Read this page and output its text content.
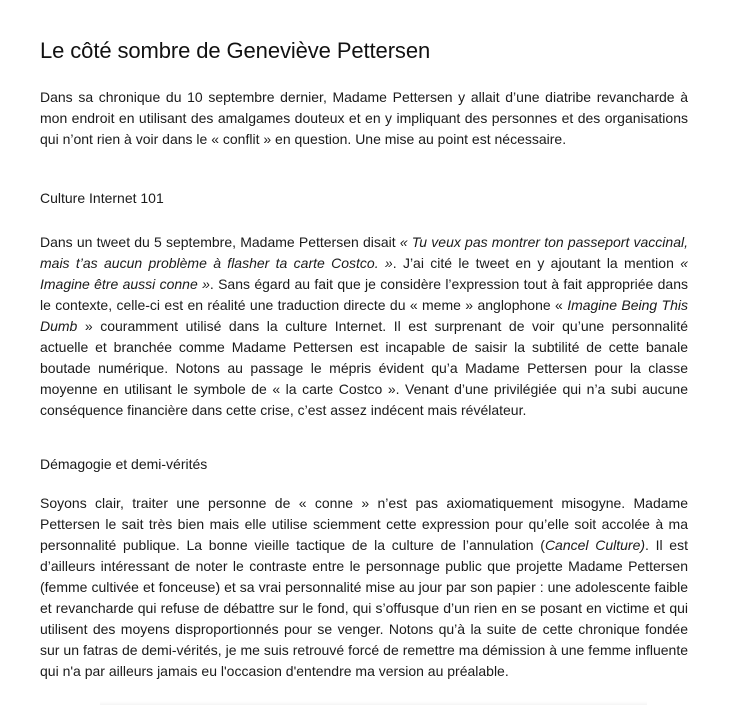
Le côté sombre de Geneviève Pettersen

Dans sa chronique du 10 septembre dernier, Madame Pettersen y allait d’une diatribe revancharde à mon endroit en utilisant des amalgames douteux et en y impliquant des personnes et des organisations qui n’ont rien à voir dans le « conflit » en question. Une mise au point est nécessaire.

Culture Internet 101

Dans un tweet du 5 septembre, Madame Pettersen disait « Tu veux pas montrer ton passeport vaccinal, mais t’as aucun problème à flasher ta carte Costco. ». J’ai cité le tweet en y ajoutant la mention « Imagine être aussi conne ». Sans égard au fait que je considère l’expression tout à fait appropriée dans le contexte, celle-ci est en réalité une traduction directe du « meme » anglophone « Imagine Being This Dumb » couramment utilisé dans la culture Internet. Il est surprenant de voir qu’une personnalité actuelle et branchée comme Madame Pettersen est incapable de saisir la subtilité de cette banale boutade numérique. Notons au passage le mépris évident qu’a Madame Pettersen pour la classe moyenne en utilisant le symbole de « la carte Costco ». Venant d’une privilégiée qui n’a subi aucune conséquence financière dans cette crise, c’est assez indécent mais révélateur.

Démagogie et demi-vérités

Soyons clair, traiter une personne de « conne » n’est pas axiomatiquement misogyne. Madame Pettersen le sait très bien mais elle utilise sciemment cette expression pour qu’elle soit accolée à ma personnalité publique. La bonne vieille tactique de la culture de l’annulation (Cancel Culture). Il est d’ailleurs intéressant de noter le contraste entre le personnage public que projette Madame Pettersen (femme cultivée et fonceuse) et sa vrai personnalité mise au jour par son papier : une adolescente faible et revancharde qui refuse de débattre sur le fond, qui s’offusque d’un rien en se posant en victime et qui utilisent des moyens disproportionnés pour se venger. Notons qu’à la suite de cette chronique fondée sur un fatras de demi-vérités, je me suis retrouvé forcé de remettre ma démission à une femme influente qui n'a par ailleurs jamais eu l'occasion d'entendre ma version au préalable.
